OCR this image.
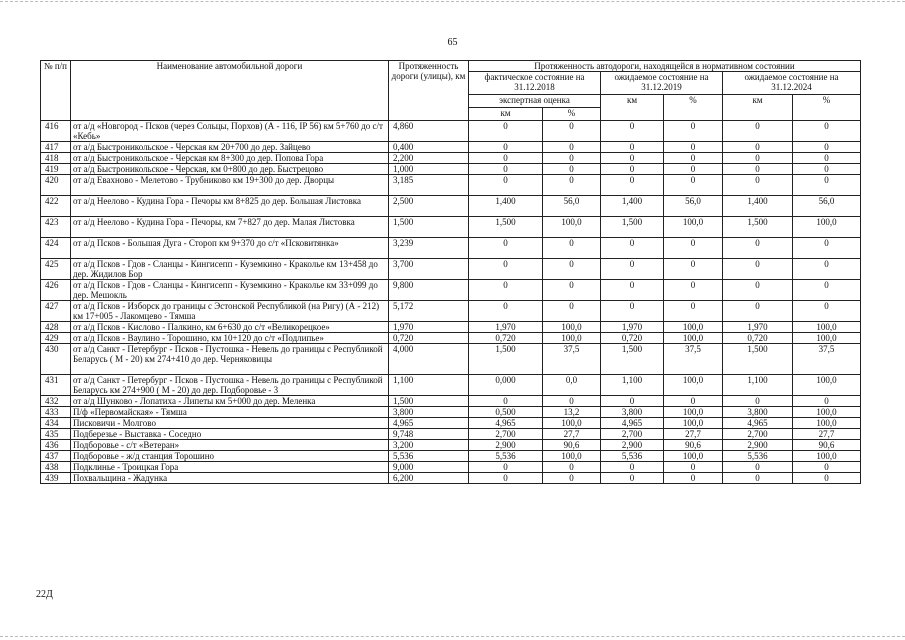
65
№ п/п	Наименование автомобильной дороги	Протяженность дороги (улицы), км	Протяженность автодороги, находящейся в нормативном состоянии					
			фактическое состояние на 31.12.2018		ожидаемое состояние на 31.12.2019		ожидаемое состояние на 31.12.2024	
			экспертная оценка		км	%	км	%
			км	%				
416	от а/д «Новгород - Псков (через Сольцы, Порхов) (А - 116, IP 56) км 5+760 до с/т «Кебь»	4,860	0	0	0	0	0	0
417	от а/д Быстроникольское - Черская км 20+700 до дер. Зайцево	0,400	0	0	0	0	0	0
418	от а/д Быстроникольское - Черская км 8+300 до дер. Попова Гора	2,200	0	0	0	0	0	0
419	от а/д Быстроникольское - Черская, км 0+800 до дер. Быстрецово	1,000	0	0	0	0	0	0
420	от а/д Евахново - Мелетово - Трубниково км 19+300 до дер. Дворцы	3,185	0	0	0	0	0	0
422	от а/д Неелово - Кудина Гора - Печоры км 8+825 до дер. Большая Листовка	2,500	1,400	56,0	1,400	56,0	1,400	56,0
423	от а/д Неелово - Кудина Гора - Печоры, км 7+827 до дер. Малая Листовка	1,500	1,500	100,0	1,500	100,0	1,500	100,0
424	от а/д Псков - Большая Дуга - Стороп км 9+370 до с/т «Псковитянка»	3,239	0	0	0	0	0	0
425	от а/д Псков - Гдов - Сланцы - Кингисепп - Куземкино - Краколье км 13+458 до дер. Жидилов Бор	3,700	0	0	0	0	0	0
426	от а/д Псков - Гдов - Сланцы - Кингисепп - Куземкино - Краколье км 33+099 до дер. Мешокль	9,800	0	0	0	0	0	0
427	от а/д Псков - Изборск до границы с Эстонской Республикой (на Ригу) (А - 212) км 17+005 - Лакомцево - Тямша	5,172	0	0	0	0	0	0
428	от а/д Псков - Кислово - Палкино, км 6+630 до с/т «Великорецкое»	1,970	1,970	100,0	1,970	100,0	1,970	100,0
429	от а/д Псков - Ваулино - Торошино, км 10+120 до с/т «Подлипье»	0,720	0,720	100,0	0,720	100,0	0,720	100,0
430	от а/д Санкт - Петербург - Псков - Пустошка - Невель до границы с Республикой Беларусь ( М - 20) км 274+410 до дер. Черняковицы	4,000	1,500	37,5	1,500	37,5	1,500	37,5
431	от а/д Санкт - Петербург - Псков - Пустошка - Невель до границы с Республикой Беларусь км 274+900 ( М - 20) до дер. Подборовье - 3	1,100	0,000	0,0	1,100	100,0	1,100	100,0
432	от а/д Шунково - Лопатиха - Липеты км 5+000 до дер. Меленка	1,500	0	0	0	0	0	0
433	П/ф «Первомайская» - Тямша	3,800	0,500	13,2	3,800	100,0	3,800	100,0
434	Писковичи - Молгово	4,965	4,965	100,0	4,965	100,0	4,965	100,0
435	Подберезье - Выставка - Соседно	9,748	2,700	27,7	2,700	27,7	2,700	27,7
436	Подборовье - с/т «Ветеран»	3,200	2,900	90,6	2,900	90,6	2,900	90,6
437	Подборовье - ж/д станция Торошино	5,536	5,536	100,0	5,536	100,0	5,536	100,0
438	Подклинье - Троицкая Гора	9,000	0	0	0	0	0	0
439	Похвальщина - Жадунка	6,200	0	0	0	0	0	0
22Д
